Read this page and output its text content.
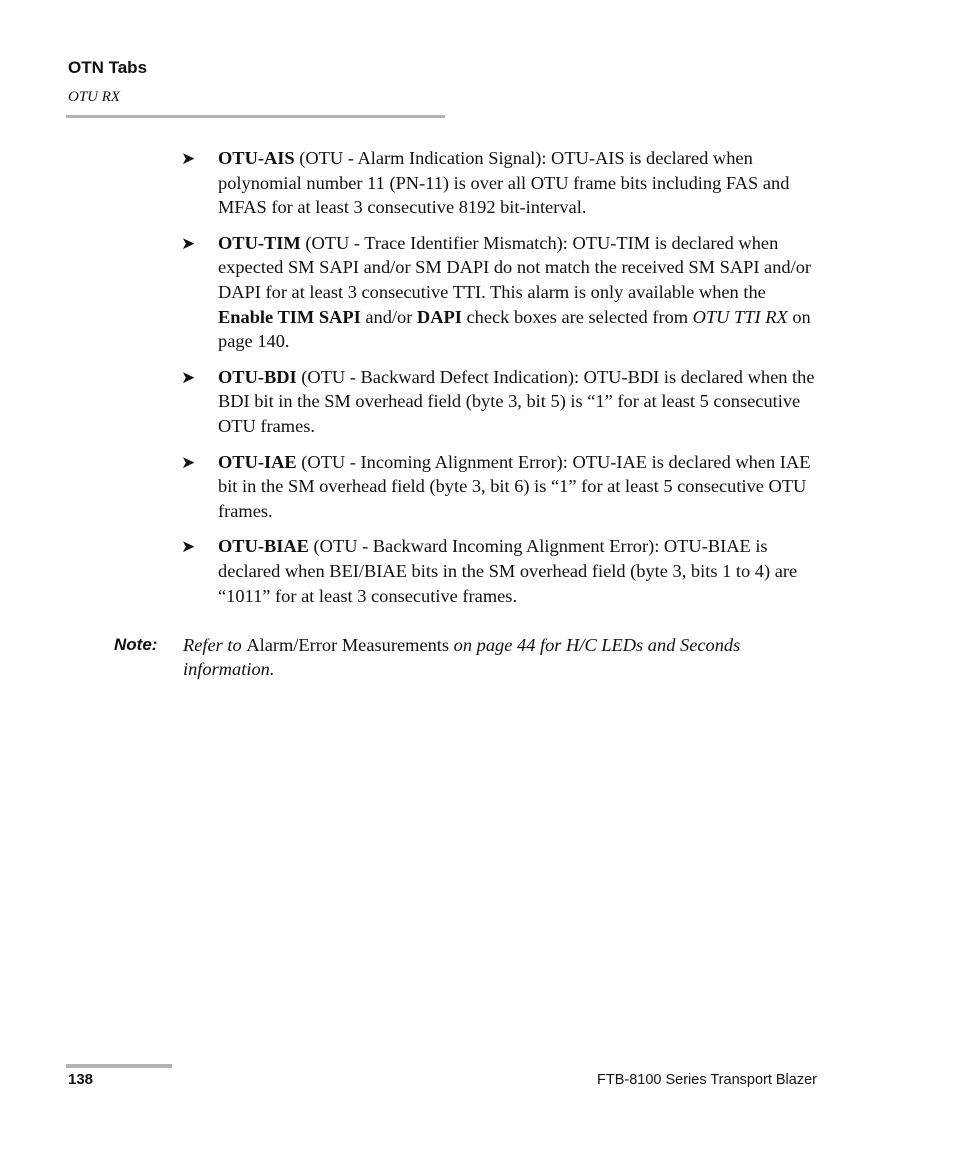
OTN Tabs
OTU RX
➤ OTU-AIS (OTU - Alarm Indication Signal): OTU-AIS is declared when polynomial number 11 (PN-11) is over all OTU frame bits including FAS and MFAS for at least 3 consecutive 8192 bit-interval.
➤ OTU-TIM (OTU - Trace Identifier Mismatch): OTU-TIM is declared when expected SM SAPI and/or SM DAPI do not match the received SM SAPI and/or DAPI for at least 3 consecutive TTI. This alarm is only available when the Enable TIM SAPI and/or DAPI check boxes are selected from OTU TTI RX on page 140.
➤ OTU-BDI (OTU - Backward Defect Indication): OTU-BDI is declared when the BDI bit in the SM overhead field (byte 3, bit 5) is “1” for at least 5 consecutive OTU frames.
➤ OTU-IAE (OTU - Incoming Alignment Error): OTU-IAE is declared when IAE bit in the SM overhead field (byte 3, bit 6) is “1” for at least 5 consecutive OTU frames.
➤ OTU-BIAE (OTU - Backward Incoming Alignment Error): OTU-BIAE is declared when BEI/BIAE bits in the SM overhead field (byte 3, bits 1 to 4) are “1011” for at least 3 consecutive frames.
Note: Refer to Alarm/Error Measurements on page 44 for H/C LEDs and Seconds information.
138	FTB-8100 Series Transport Blazer
